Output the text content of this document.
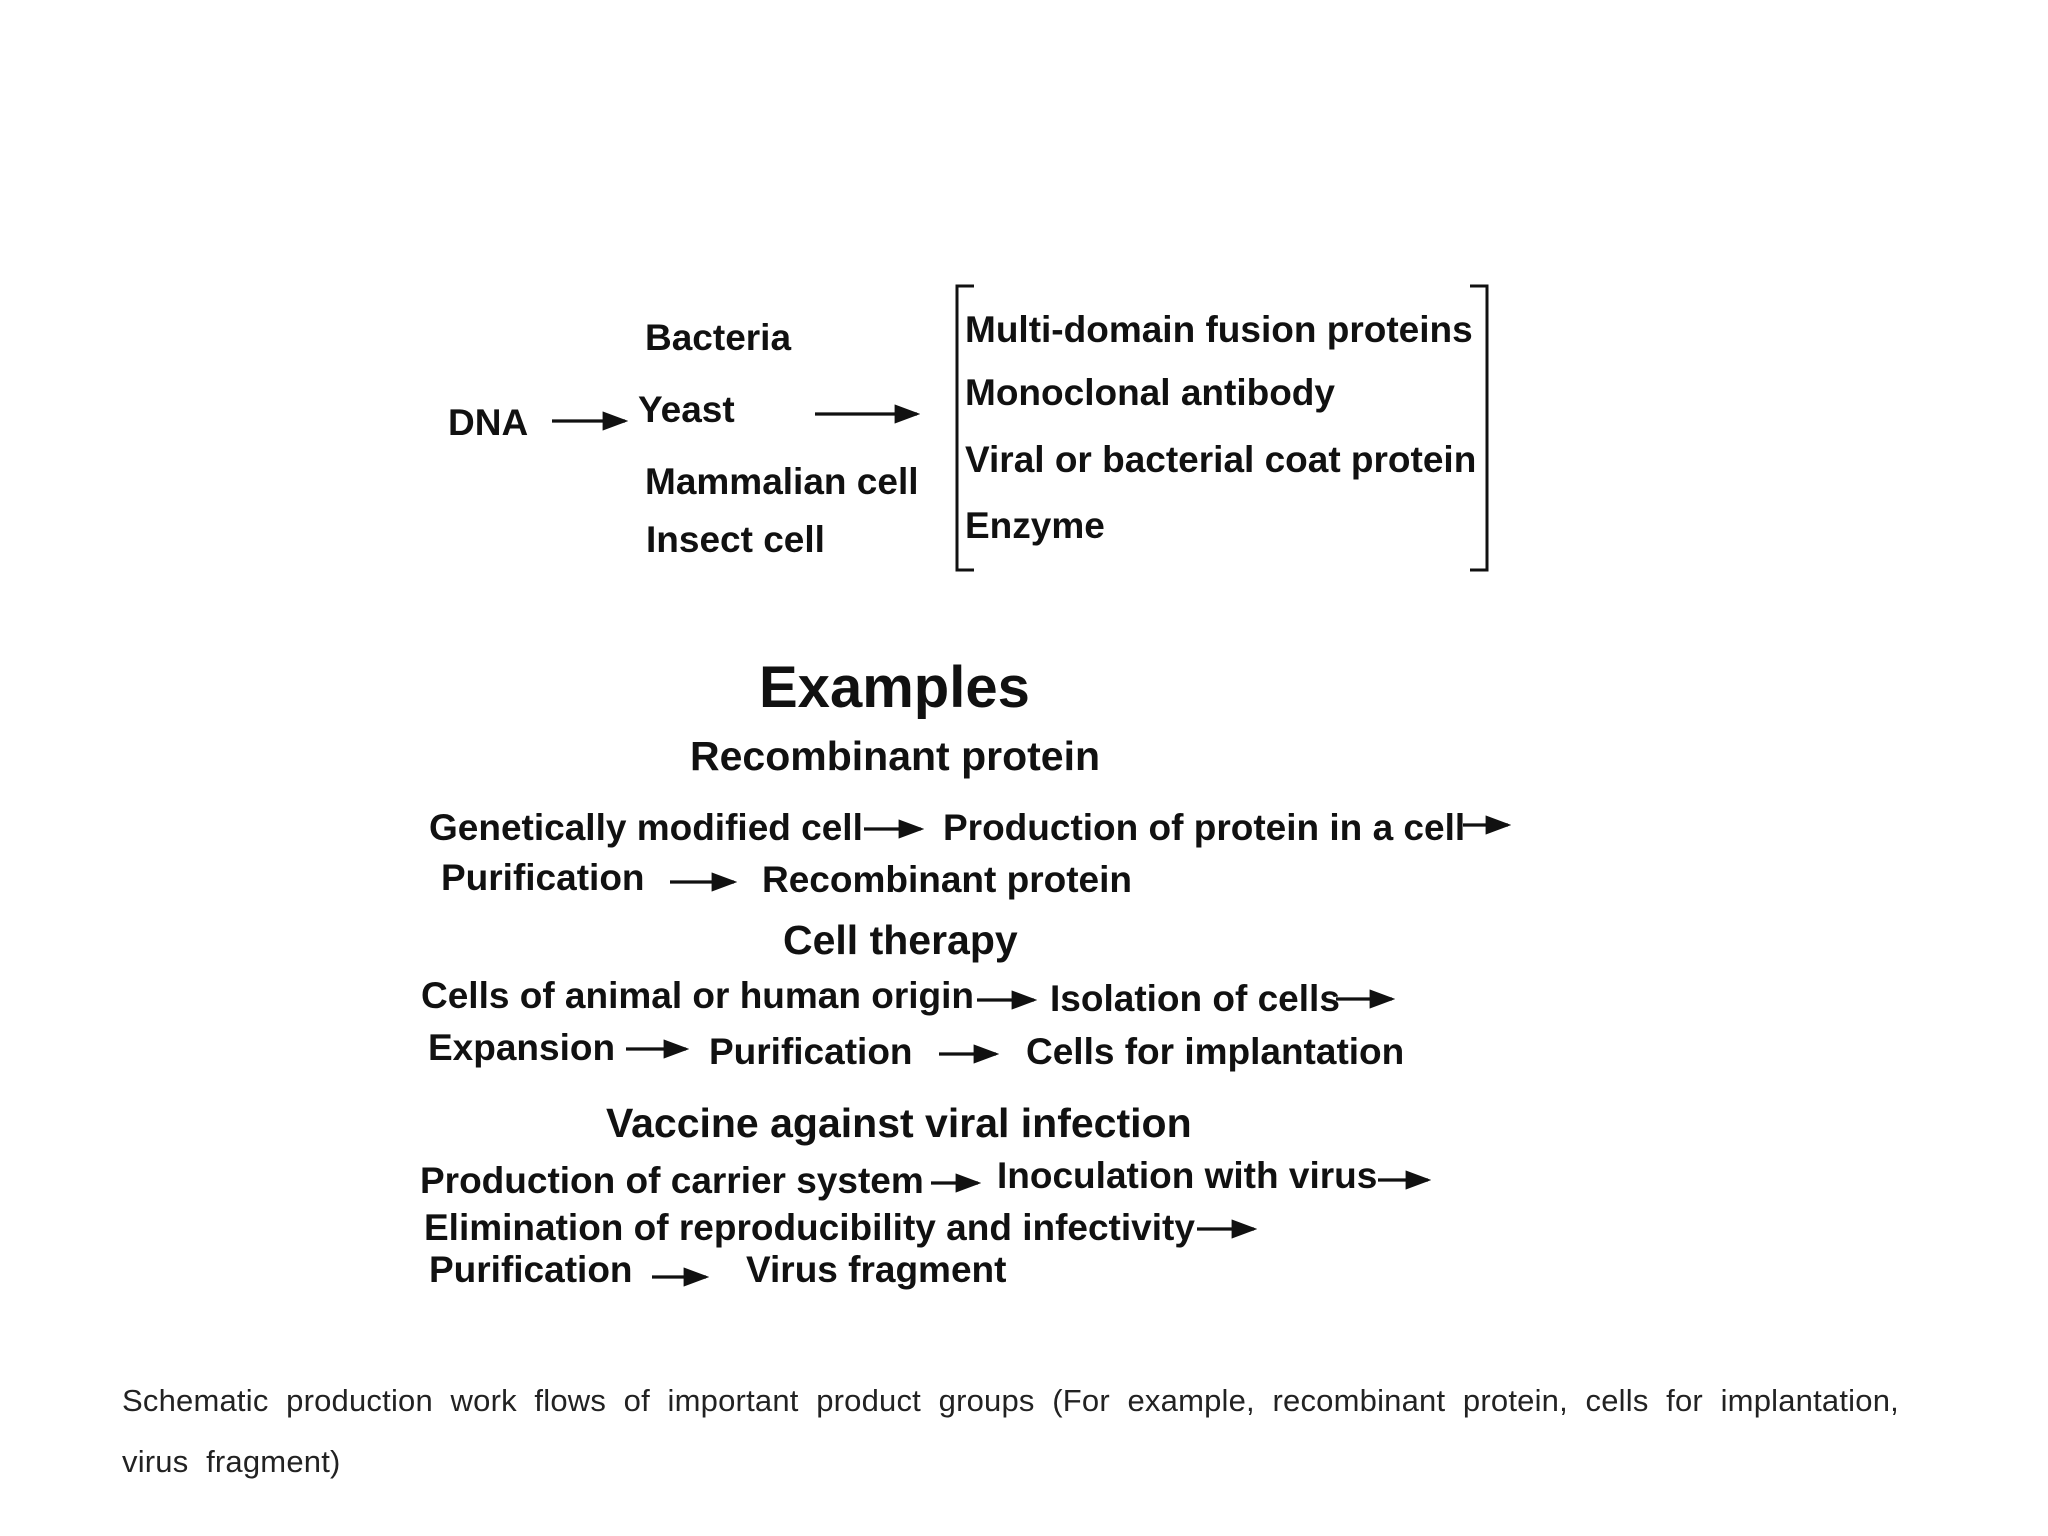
DNA
Bacteria
Yeast
Mammalian cell
Insect cell
Multi-domain fusion proteins
Monoclonal antibody
Viral or bacterial coat protein
Enzyme
Examples
Recombinant protein
Genetically modified cell Production of protein in a cell
Purification	Recombinant protein
Cell therapy
Cells of animal or human origin Isolation of cells
Expansion	Purification	Cells for implantation
Vaccine against viral infection
Production of carrier system Inoculation with virus
Elimination of reproducibility and infectivity
Purification	Virus fragment
Schematic  production  work  flows  of  important  product  groups  (For  example,  recombinant  protein,  cells  for  implantation,
virus  fragment)
